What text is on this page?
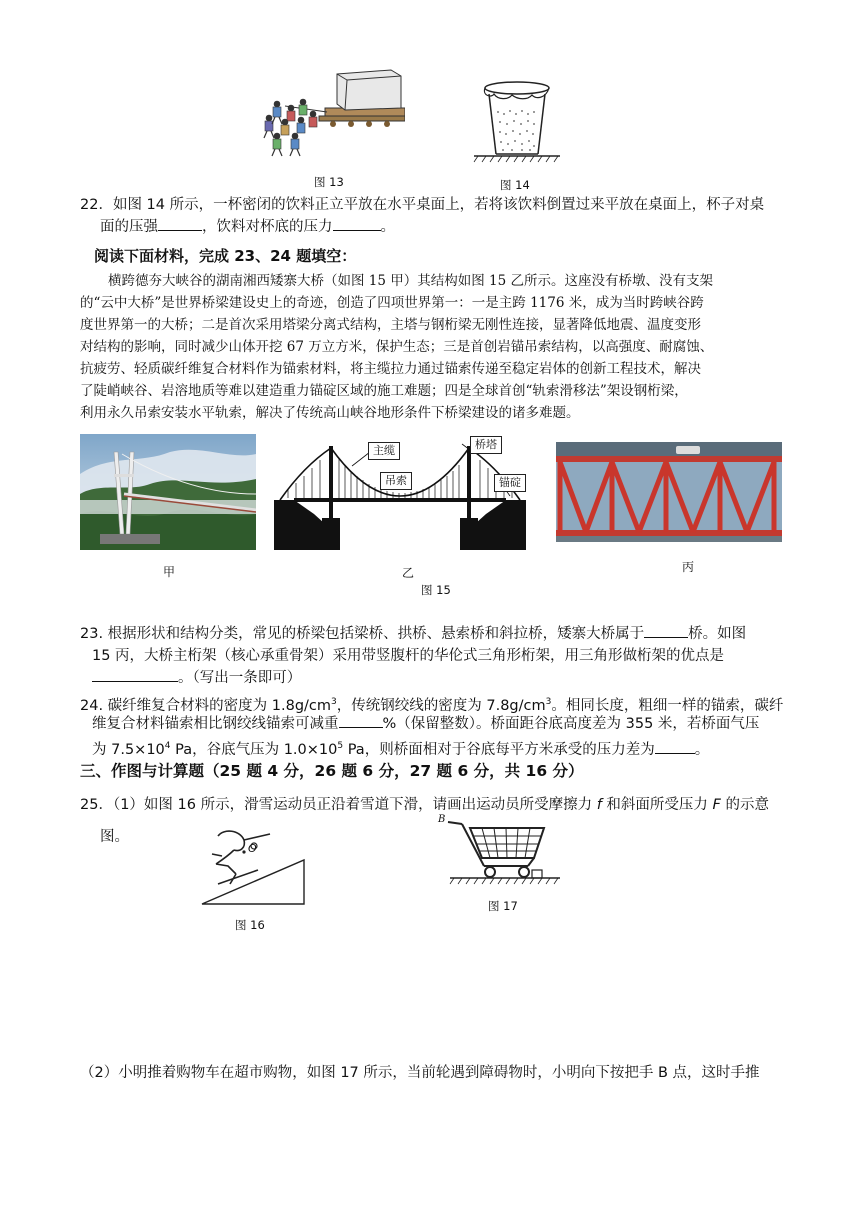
图 13	图 14
22．如图 14 所示，一杯密闭的饮料正立平放在水平桌面上，若将该饮料倒置过来平放在桌面上，杯子对桌
面的压强	，饮料对杯底的压力	。
阅读下面材料，完成 23、24 题填空：
横跨德夯大峡谷的湖南湘西矮寨大桥（如图 15 甲）其结构如图 15 乙所示。这座没有桥墩、没有支架
的“云中大桥”是世界桥梁建设史上的奇迹，创造了四项世界第一：一是主跨 1176 米，成为当时跨峡谷跨
度世界第一的大桥；二是首次采用塔梁分离式结构，主塔与钢桁梁无刚性连接，显著降低地震、温度变形
对结构的影响，同时减少山体开挖 67 万立方米，保护生态；三是首创岩锚吊索结构，以高强度、耐腐蚀、
抗疲劳、轻质碳纤维复合材料作为锚索材料，将主缆拉力通过锚索传递至稳定岩体的创新工程技术，解决
了陡峭峡谷、岩溶地质等难以建造重力锚碇区域的施工难题；四是全球首创“轨索滑移法”架设钢桁梁，
利用永久吊索安装水平轨索，解决了传统高山峡谷地形条件下桥梁建设的诸多难题。
甲
主缆	桥塔
吊索	锚碇
乙
图 15
丙
23. 根据形状和结构分类，常见的桥梁包括梁桥、拱桥、悬索桥和斜拉桥，矮寨大桥属于	桥。如图
15 丙，大桥主桁架（核心承重骨架）采用带竖腹杆的华伦式三角形桁架，用三角形做桁架的优点是
。（写出一条即可）
24. 碳纤维复合材料的密度为 $1.8g/cm^3$，传统钢绞线的密度为 $7.8g/cm^3$。相同长度，粗细一样的锚索，碳纤
维复合材料锚索相比钢绞线锚索可减重	%（保留整数）。桥面距谷底高度差为 355 米，若桥面气压
为 $7.5\times 10^4$ Pa，谷底气压为 $1.0\times 10^5$ Pa，则桥面相对于谷底每平方米承受的压力差为	。
三、作图与计算题（25 题 4 分，26 题 6 分，27 题 6 分，共 16 分）
25．（1）如图 16 所示，滑雪运动员正沿着雪道下滑，请画出运动员所受摩擦力 f 和斜面所受压力 F 的示意
图。
O
图 16
B
图 17
（2）小明推着购物车在超市购物，如图 17 所示，当前轮遇到障碍物时，小明向下按把手 B 点，这时手推
